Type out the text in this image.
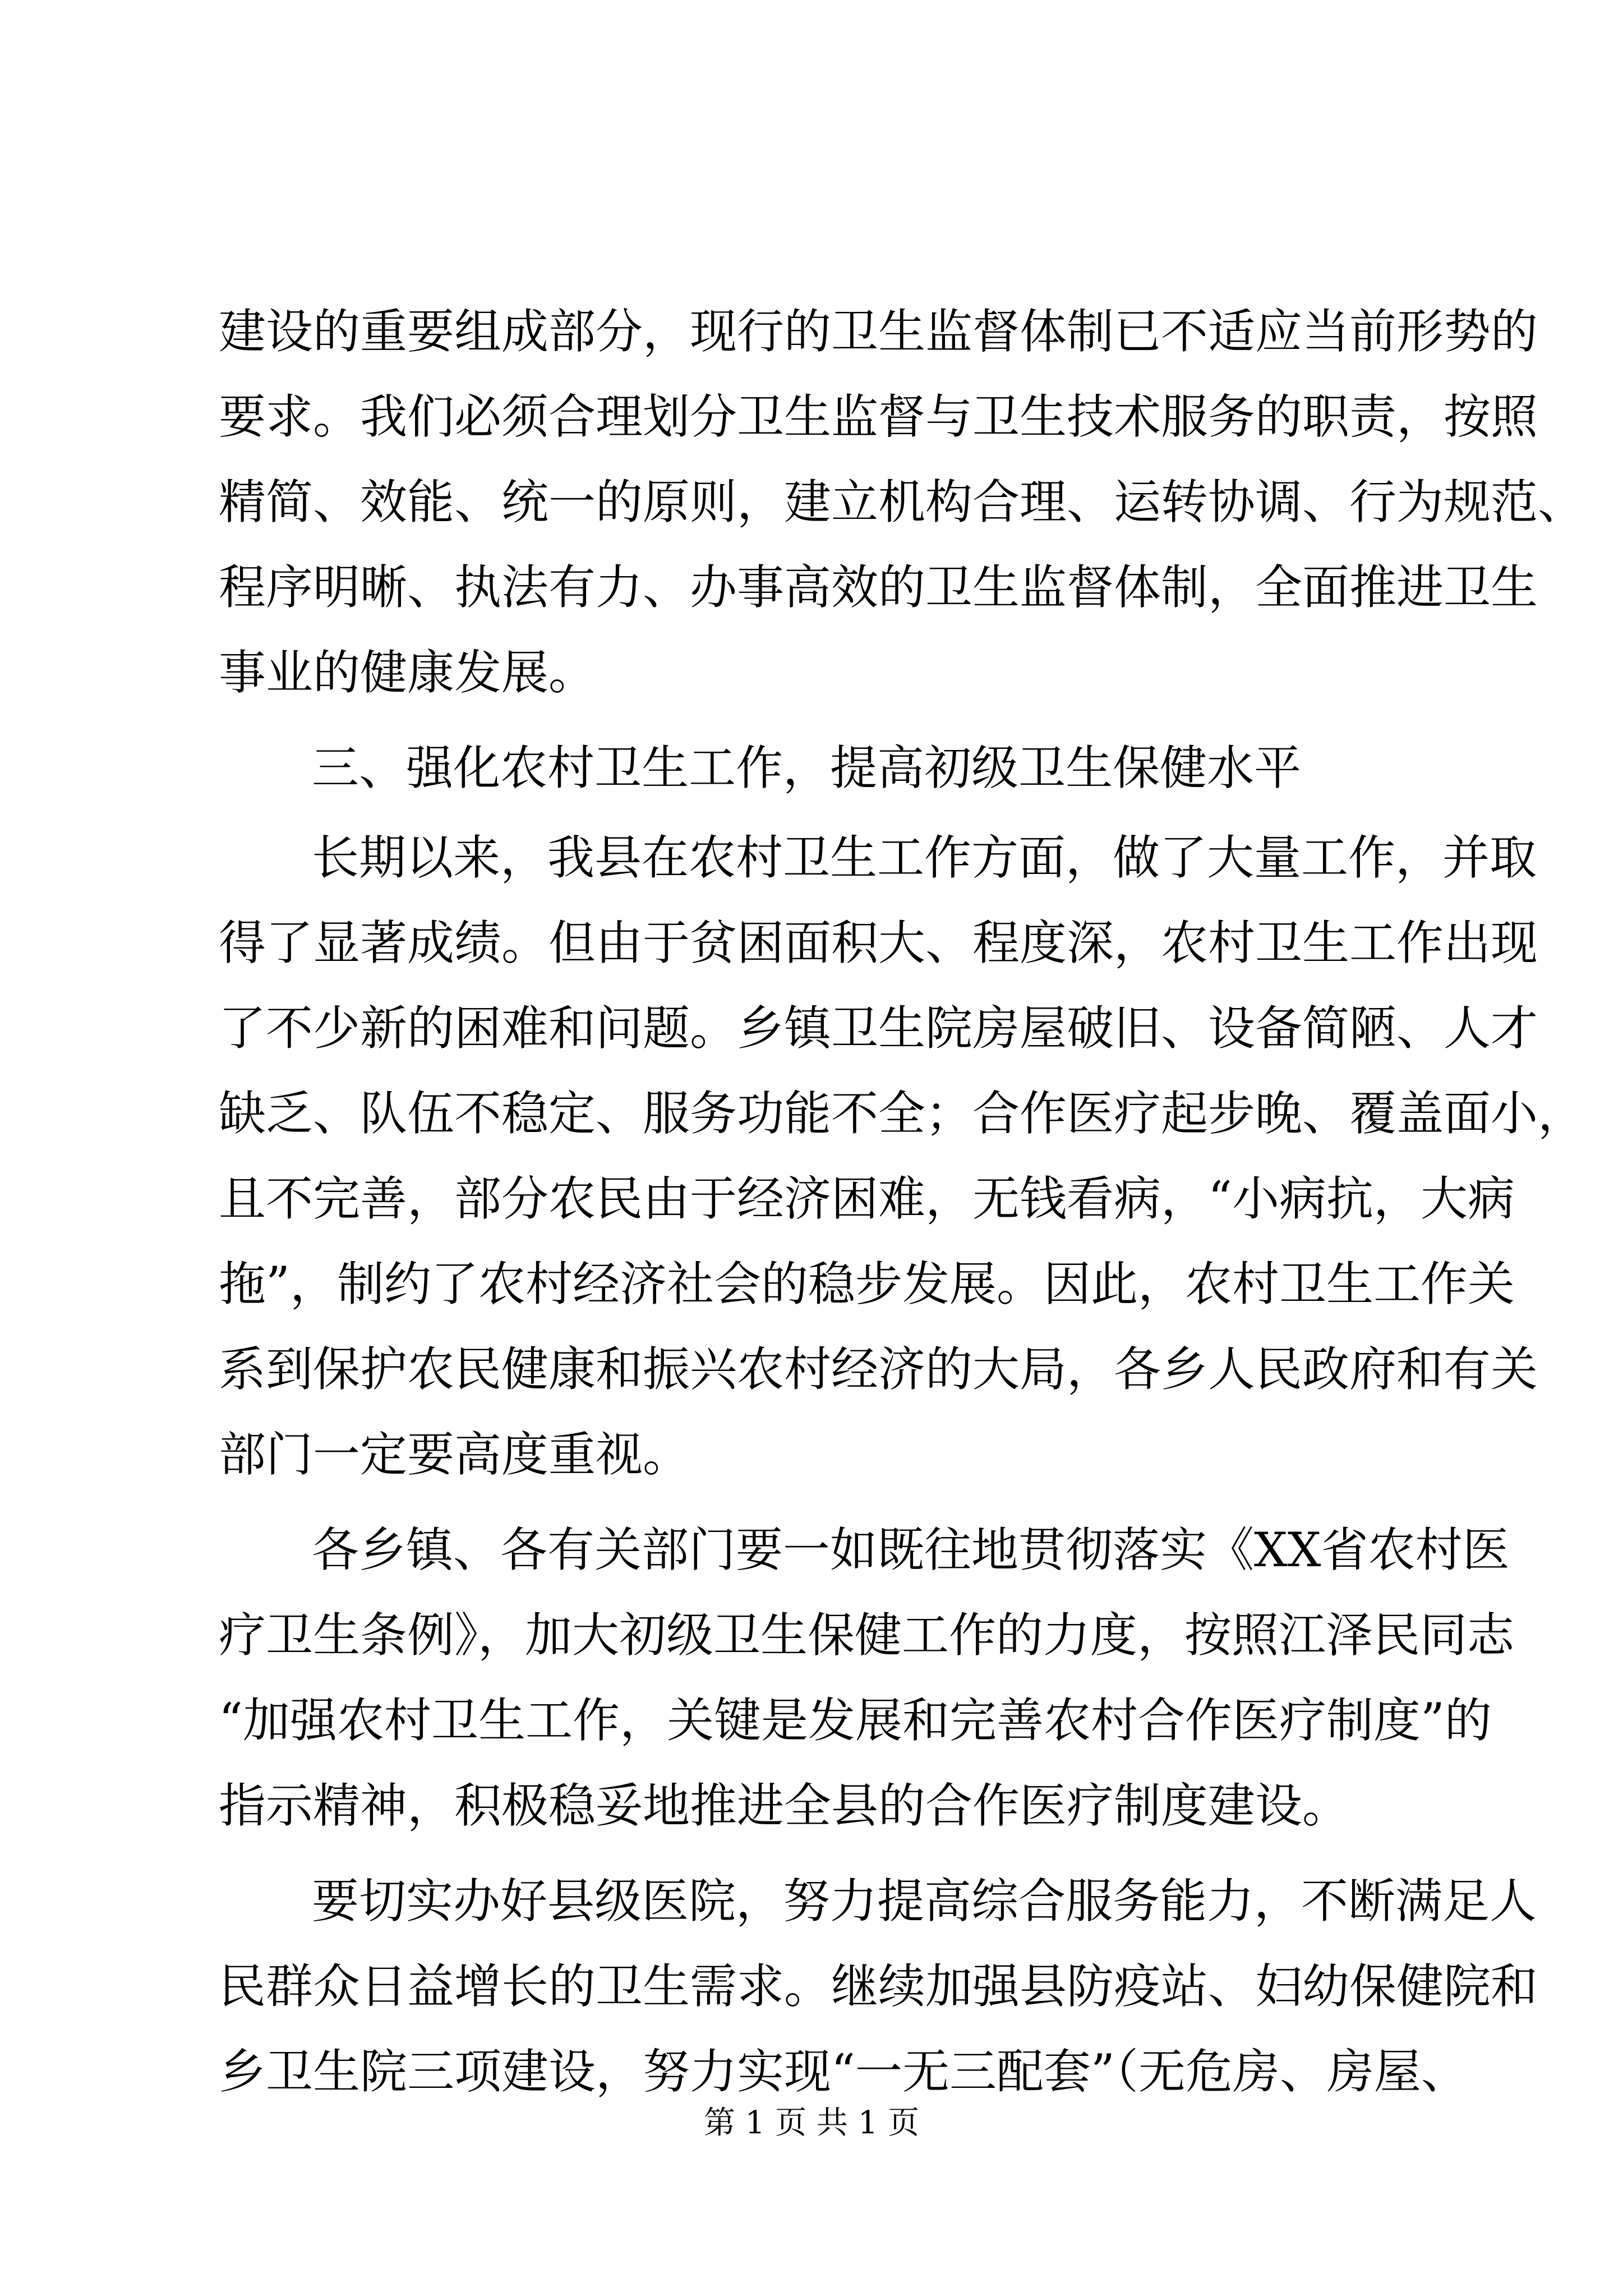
建设的重要组成部分，现行的卫生监督体制已不适应当前形势的
要求。我们必须合理划分卫生监督与卫生技术服务的职责，按照
精简、效能、统一的原则，建立机构合理、运转协调、行为规范、
程序明晰、执法有力、办事高效的卫生监督体制，全面推进卫生
事业的健康发展。
三、强化农村卫生工作，提高初级卫生保健水平
长期以来，我县在农村卫生工作方面，做了大量工作，并取
得了显著成绩。但由于贫困面积大、程度深，农村卫生工作出现
了不少新的困难和问题。乡镇卫生院房屋破旧、设备简陋、人才
缺乏、队伍不稳定、服务功能不全；合作医疗起步晚、覆盖面小，
且不完善，部分农民由于经济困难，无钱看病，“小病抗，大病
拖”，制约了农村经济社会的稳步发展。因此，农村卫生工作关
系到保护农民健康和振兴农村经济的大局，各乡人民政府和有关
部门一定要高度重视。
各乡镇、各有关部门要一如既往地贯彻落实《XX省农村医
疗卫生条例》，加大初级卫生保健工作的力度，按照江泽民同志
“加强农村卫生工作，关键是发展和完善农村合作医疗制度”的
指示精神，积极稳妥地推进全县的合作医疗制度建设。
要切实办好县级医院，努力提高综合服务能力，不断满足人
民群众日益增长的卫生需求。继续加强县防疫站、妇幼保健院和
乡卫生院三项建设，努力实现“一无三配套”（无危房、房屋、
第 1 页 共 1 页
